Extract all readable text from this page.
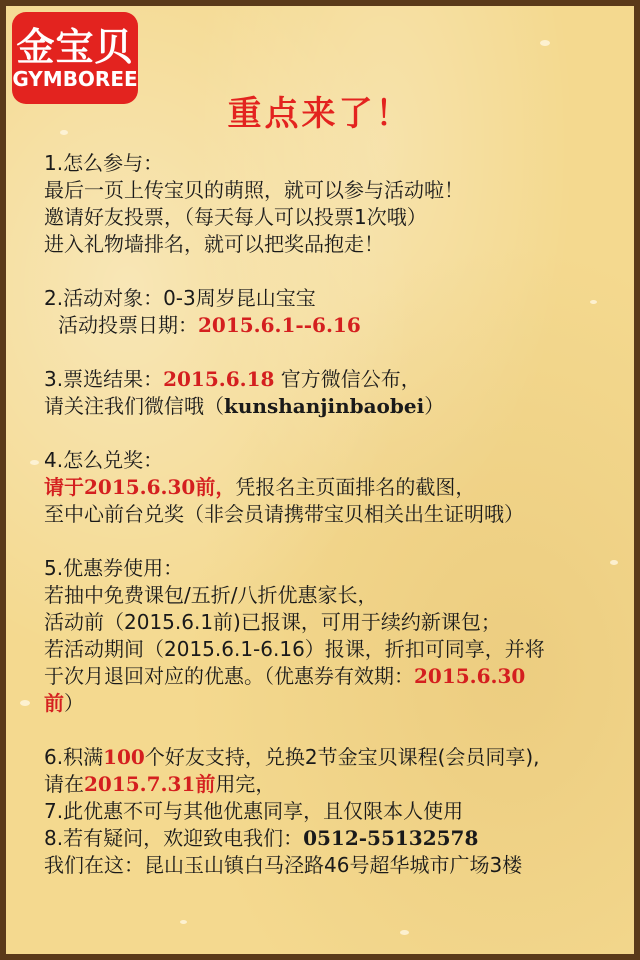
金宝贝
GYMBOREE
重点来了！
1.怎么参与：
最后一页上传宝贝的萌照，就可以参与活动啦！
邀请好友投票，（每天每人可以投票1次哦）
进入礼物墙排名，就可以把奖品抱走！
2.活动对象：0-3周岁昆山宝宝
活动投票日期：2015.6.1--6.16
3.票选结果：2015.6.18 官方微信公布，
请关注我们微信哦（kunshanjinbaobei）
4.怎么兑奖：
请于2015.6.30前，凭报名主页面排名的截图，
至中心前台兑奖（非会员请携带宝贝相关出生证明哦）
5.优惠券使用：
若抽中免费课包/五折/八折优惠家长，
活动前（2015.6.1前)已报课，可用于续约新课包；
若活动期间（2015.6.1-6.16）报课，折扣可同享，并将
于次月退回对应的优惠。（优惠券有效期：2015.6.30
前）
6.积满100个好友支持，兑换2节金宝贝课程(会员同享),
请在2015.7.31前用完，
7.此优惠不可与其他优惠同享，且仅限本人使用
8.若有疑问，欢迎致电我们：0512-55132578
我们在这：昆山玉山镇白马泾路46号超华城市广场3楼
